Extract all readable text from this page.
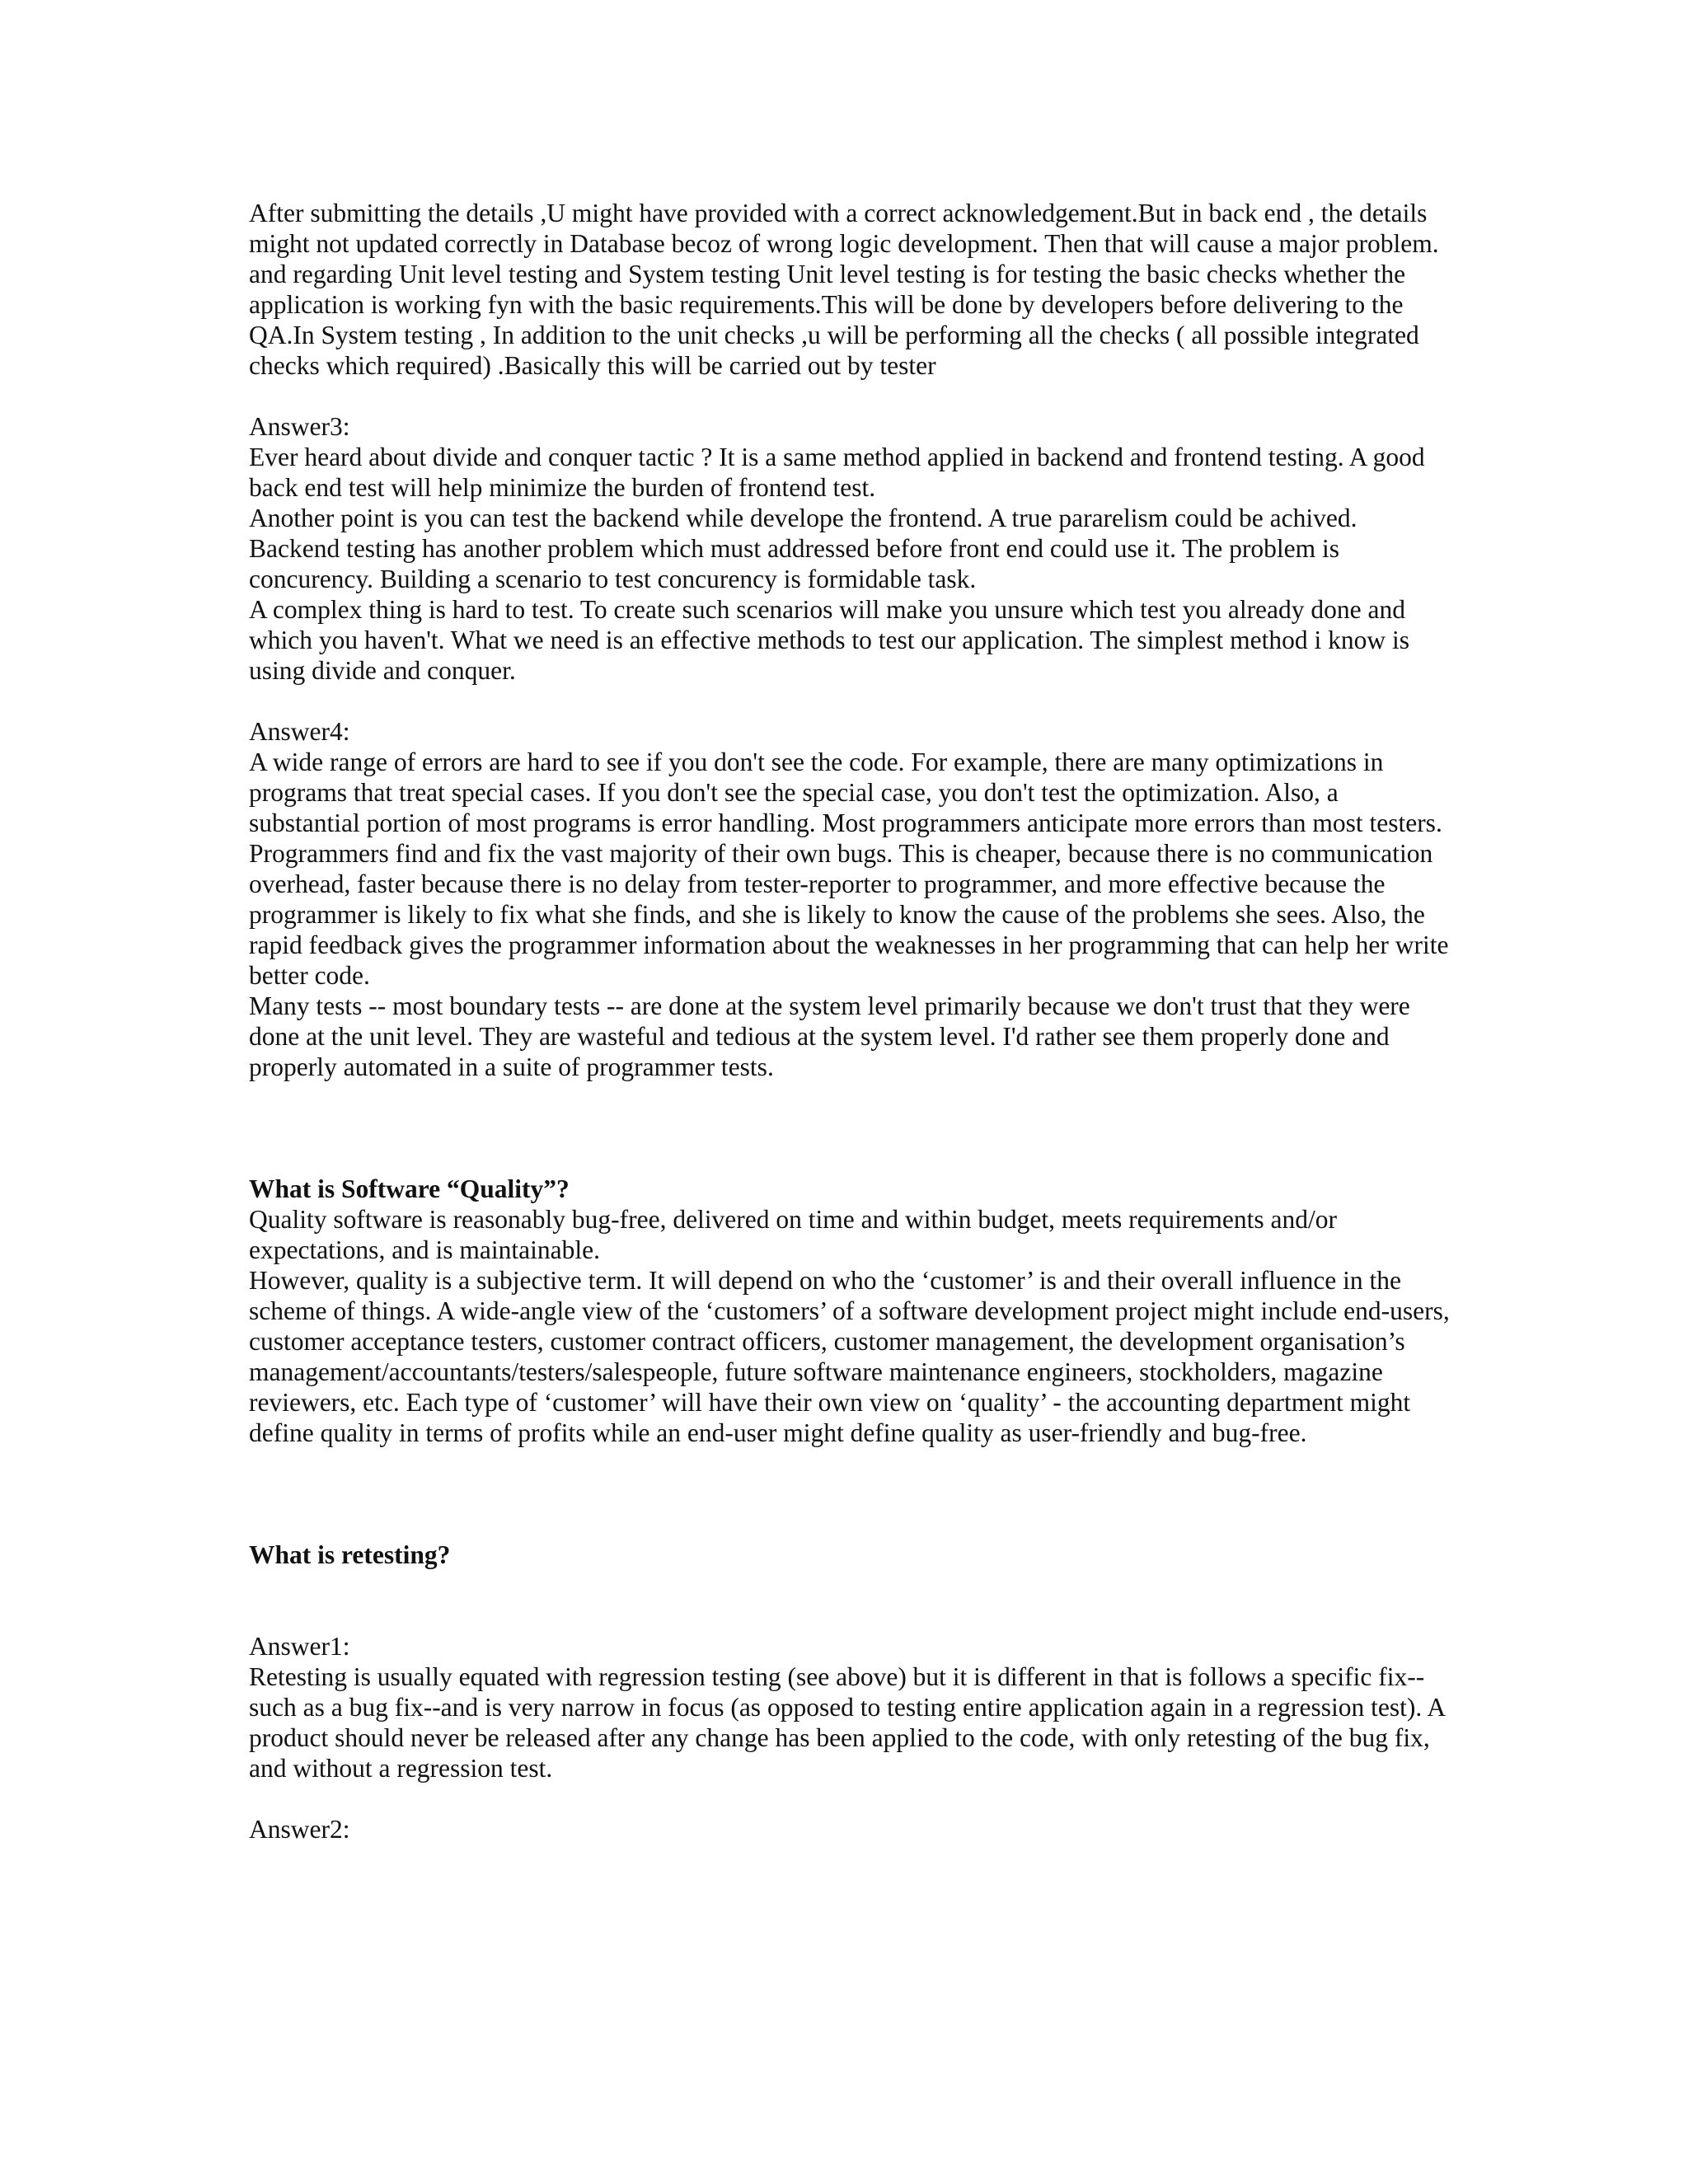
After submitting the details ,U might have provided with a correct acknowledgement.But in back end , the details might not updated correctly in Database becoz of wrong logic development. Then that will cause a major problem.

and regarding Unit level testing and System testing Unit level testing is for testing the basic checks whether the application is working fyn with the basic requirements.This will be done by developers before delivering to the QA.In System testing , In addition to the unit checks ,u will be performing all the checks ( all possible integrated checks which required) .Basically this will be carried out by tester

Answer3:

Ever heard about divide and conquer tactic ? It is a same method applied in backend and frontend testing. A good back end test will help minimize the burden of frontend test.

Another point is you can test the backend while develope the frontend. A true pararelism could be achived. Backend testing has another problem which must addressed before front end could use it. The problem is concurency. Building a scenario to test concurency is formidable task.

A complex thing is hard to test. To create such scenarios will make you unsure which test you already done and which you haven't. What we need is an effective methods to test our application. The simplest method i know is using divide and conquer.

Answer4:

A wide range of errors are hard to see if you don't see the code. For example, there are many optimizations in programs that treat special cases. If you don't see the special case, you don't test the optimization. Also, a substantial portion of most programs is error handling. Most programmers anticipate more errors than most testers.

Programmers find and fix the vast majority of their own bugs. This is cheaper, because there is no communication overhead, faster because there is no delay from tester-reporter to programmer, and more effective because the programmer is likely to fix what she finds, and she is likely to know the cause of the problems she sees. Also, the rapid feedback gives the programmer information about the weaknesses in her programming that can help her write better code.

Many tests -- most boundary tests -- are done at the system level primarily because we don't trust that they were done at the unit level. They are wasteful and tedious at the system level. I'd rather see them properly done and properly automated in a suite of programmer tests.

What is Software “Quality”?

Quality software is reasonably bug-free, delivered on time and within budget, meets requirements and/or expectations, and is maintainable.

However, quality is a subjective term. It will depend on who the ‘customer’ is and their overall influence in the scheme of things. A wide-angle view of the ‘customers’ of a software development project might include end-users, customer acceptance testers, customer contract officers, customer management, the development organisation’s management/accountants/testers/salespeople, future software maintenance engineers, stockholders, magazine reviewers, etc. Each type of ‘customer’ will have their own view on ‘quality’ - the accounting department might define quality in terms of profits while an end-user might define quality as user-friendly and bug-free.

What is retesting?

Answer1:

Retesting is usually equated with regression testing (see above) but it is different in that is follows a specific fix--such as a bug fix--and is very narrow in focus (as opposed to testing entire application again in a regression test). A product should never be released after any change has been applied to the code, with only retesting of the bug fix, and without a regression test.

Answer2:
